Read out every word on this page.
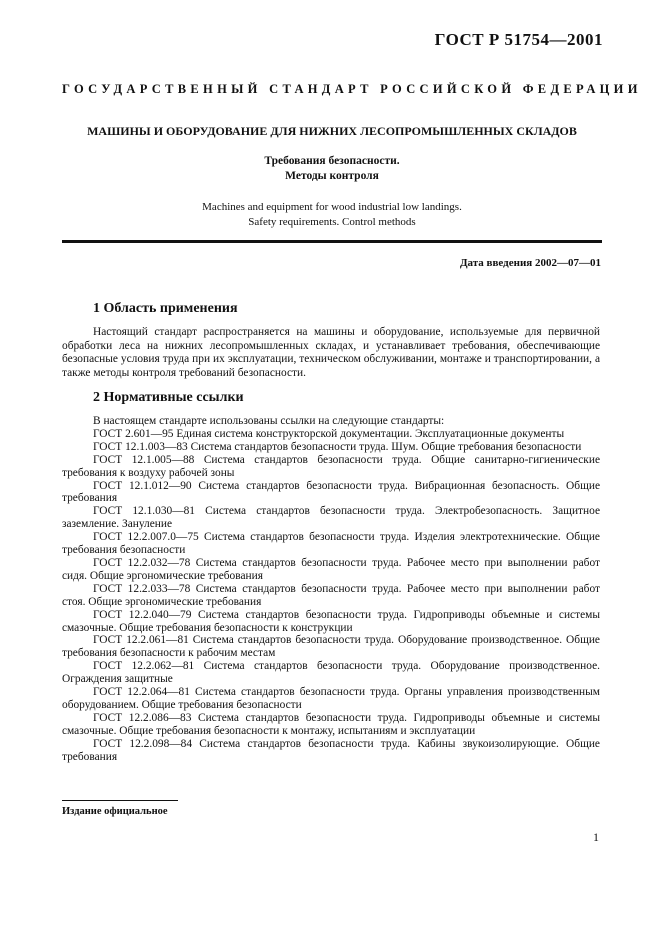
ГОСТ Р 51754—2001
ГОСУДАРСТВЕННЫЙ СТАНДАРТ РОССИЙСКОЙ ФЕДЕРАЦИИ
МАШИНЫ И ОБОРУДОВАНИЕ ДЛЯ НИЖНИХ ЛЕСОПРОМЫШЛЕННЫХ СКЛАДОВ
Требования безопасности.
Методы контроля
Machines and equipment for wood industrial low landings.
Safety requirements. Control methods
Дата введения 2002—07—01
1 Область применения

Настоящий стандарт распространяется на машины и оборудование, используемые для первичной обработки леса на нижних лесопромышленных складах, и устанавливает требования, обеспечивающие безопасные условия труда при их эксплуатации, техническом обслуживании, монтаже и транспортировании, а также методы контроля требований безопасности.

2 Нормативные ссылки
В настоящем стандарте использованы ссылки на следующие стандарты:
ГОСТ 2.601—95 Единая система конструкторской документации. Эксплуатационные документы
ГОСТ 12.1.003—83 Система стандартов безопасности труда. Шум. Общие требования безопасности
ГОСТ 12.1.005—88 Система стандартов безопасности труда. Общие санитарно-гигиенические требования к воздуху рабочей зоны
ГОСТ 12.1.012—90 Система стандартов безопасности труда. Вибрационная безопасность. Общие требования
ГОСТ 12.1.030—81 Система стандартов безопасности труда. Электробезопасность. Защитное заземление. Зануление
ГОСТ 12.2.007.0—75 Система стандартов безопасности труда. Изделия электротехнические. Общие требования безопасности
ГОСТ 12.2.032—78 Система стандартов безопасности труда. Рабочее место при выполнении работ сидя. Общие эргономические требования
ГОСТ 12.2.033—78 Система стандартов безопасности труда. Рабочее место при выполнении работ стоя. Общие эргономические требования
ГОСТ 12.2.040—79 Система стандартов безопасности труда. Гидроприводы объемные и системы смазочные. Общие требования безопасности к конструкции
ГОСТ 12.2.061—81 Система стандартов безопасности труда. Оборудование производственное. Общие требования безопасности к рабочим местам
ГОСТ 12.2.062—81 Система стандартов безопасности труда. Оборудование производственное. Ограждения защитные
ГОСТ 12.2.064—81 Система стандартов безопасности труда. Органы управления производственным оборудованием. Общие требования безопасности
ГОСТ 12.2.086—83 Система стандартов безопасности труда. Гидроприводы объемные и системы смазочные. Общие требования безопасности к монтажу, испытаниям и эксплуатации
ГОСТ 12.2.098—84 Система стандартов безопасности труда. Кабины звукоизолирующие. Общие требования
Издание официальное
1
